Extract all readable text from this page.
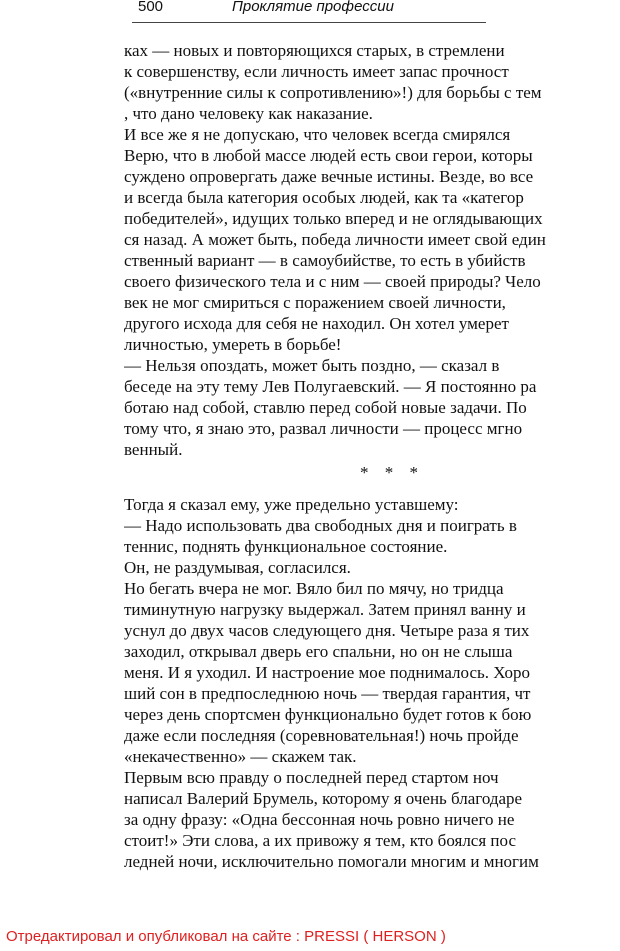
500	Проклятие профессии
ках — новых и повторяющихся старых, в стремлени
к совершенству, если личность имеет запас прочност
(«внутренние силы к сопротивлению»!) для борьбы с тем
, что дано человеку как наказание.
И все же я не допускаю, что человек всегда смирялся
Верю, что в любой массе людей есть свои герои, которы
суждено опровергать даже вечные истины. Везде, во все
и всегда была категория особых людей, как та «категор
победителей», идущих только вперед и не оглядывающих
ся назад. А может быть, победа личности имеет свой един
ственный вариант — в самоубийстве, то есть в убийств
своего физического тела и с ним — своей природы? Чело
век не мог смириться с поражением своей личности,
другого исхода для себя не находил. Он хотел умерет
личностью, умереть в борьбе!
— Нельзя опоздать, может быть поздно, — сказал в
беседе на эту тему Лев Полугаевский. — Я постоянно ра
ботаю над собой, ставлю перед собой новые задачи. По
тому что, я знаю это, развал личности — процесс мгно
венный.
* * *
Тогда я сказал ему, уже предельно уставшему:
— Надо использовать два свободных дня и поиграть в
теннис, поднять функциональное состояние.
Он, не раздумывая, согласился.
Но бегать вчера не мог. Вяло бил по мячу, но тридца
тиминутную нагрузку выдержал. Затем принял ванну и
уснул до двух часов следующего дня. Четыре раза я тих
заходил, открывал дверь его спальни, но он не слыша
меня. И я уходил. И настроение мое поднималось. Хоро
ший сон в предпоследнюю ночь — твердая гарантия, чт
через день спортсмен функционально будет готов к бою
даже если последняя (соревновательная!) ночь пройде
«некачественно» — скажем так.
Первым всю правду о последней перед стартом ноч
написал Валерий Брумель, которому я очень благодаре
за одну фразу: «Одна бессонная ночь ровно ничего не
стоит!» Эти слова, а их привожу я тем, кто боялся пос
ледней ночи, исключительно помогали многим и многим
Отредактировал и опубликовал на сайте : PRESSI ( HERSON )
